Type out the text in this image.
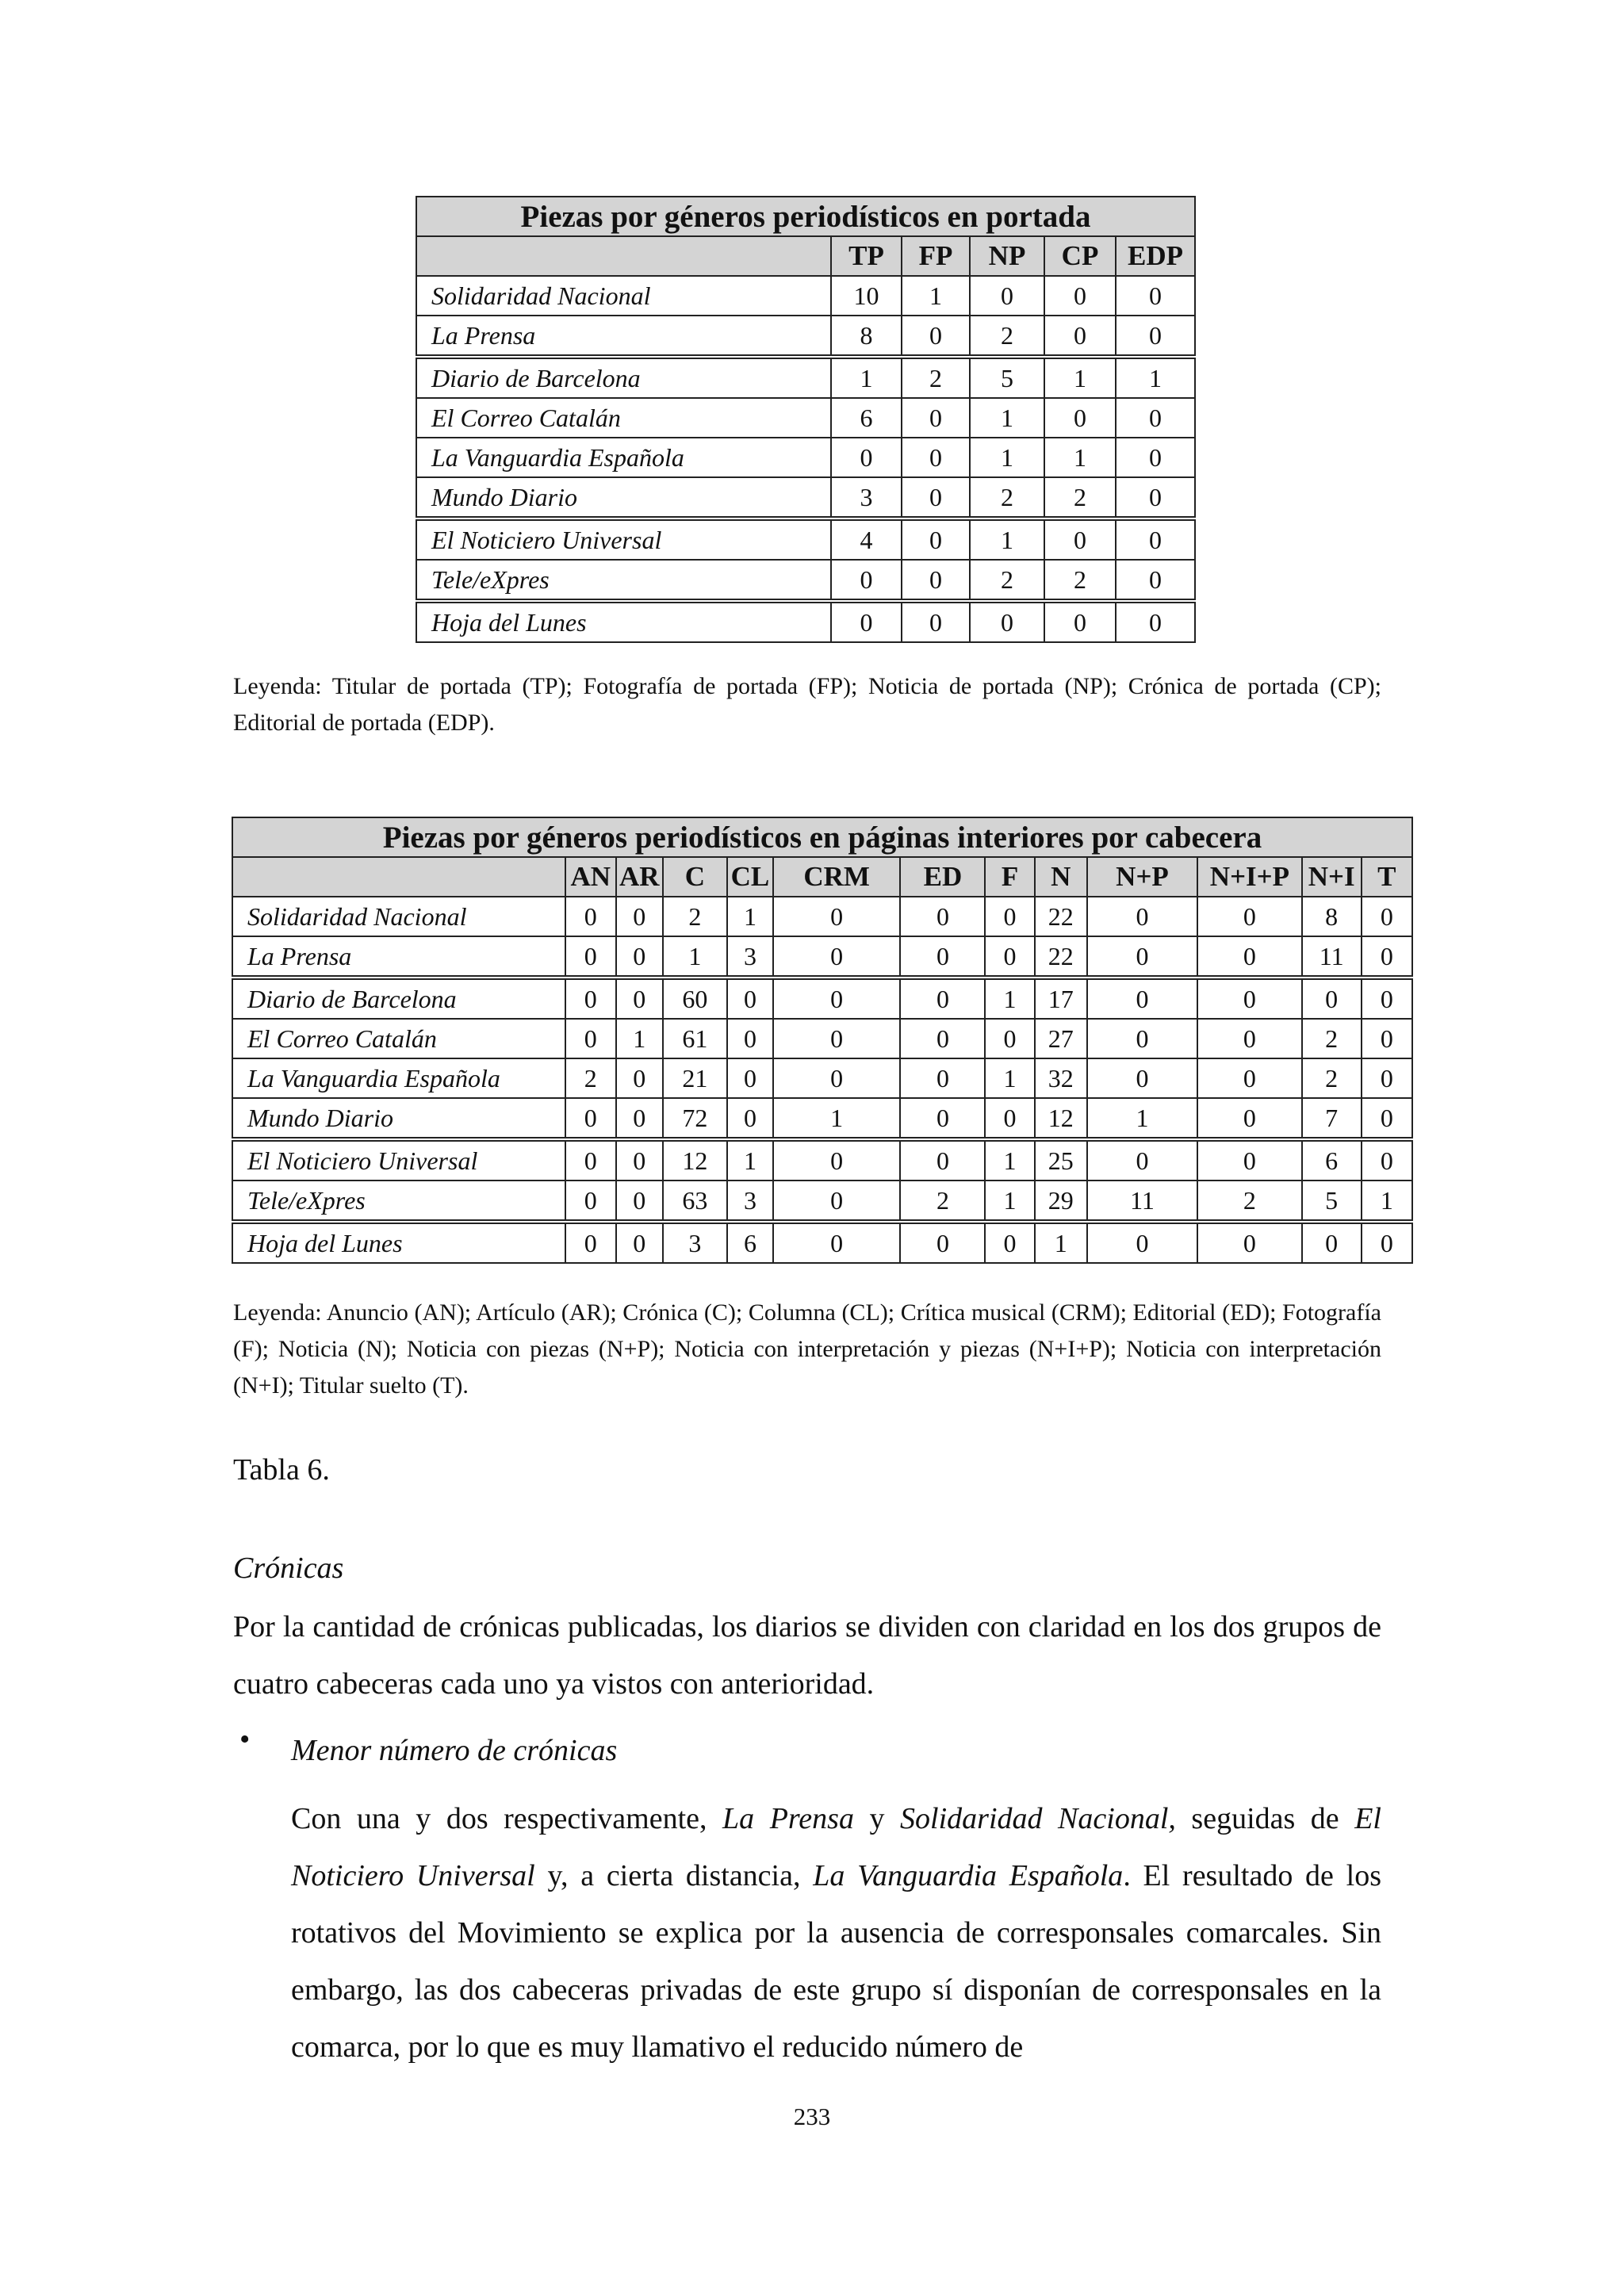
Piezas por géneros periodísticos en portada					
	TP	FP	NP	CP	EDP
Solidaridad Nacional	10	1	0	0	0
La Prensa	8	0	2	0	0
Diario de Barcelona	1	2	5	1	1
El Correo Catalán	6	0	1	0	0
La Vanguardia Española	0	0	1	1	0
Mundo Diario	3	0	2	2	0
El Noticiero Universal	4	0	1	0	0
Tele/eXpres	0	0	2	2	0
Hoja del Lunes	0	0	0	0	0

Leyenda: Titular de portada (TP); Fotografía de portada (FP); Noticia de portada (NP); Crónica de portada (CP); Editorial de portada (EDP).

Piezas por géneros periodísticos en páginas interiores por cabecera												
	AN	AR	C	CL	CRM	ED	F	N	N+P	N+I+P	N+I	T
Solidaridad Nacional	0	0	2	1	0	0	0	22	0	0	8	0
La Prensa	0	0	1	3	0	0	0	22	0	0	11	0
Diario de Barcelona	0	0	60	0	0	0	1	17	0	0	0	0
El Correo Catalán	0	1	61	0	0	0	0	27	0	0	2	0
La Vanguardia Española	2	0	21	0	0	0	1	32	0	0	2	0
Mundo Diario	0	0	72	0	1	0	0	12	1	0	7	0
El Noticiero Universal	0	0	12	1	0	0	1	25	0	0	6	0
Tele/eXpres	0	0	63	3	0	2	1	29	11	2	5	1
Hoja del Lunes	0	0	3	6	0	0	0	1	0	0	0	0

Leyenda: Anuncio (AN); Artículo (AR); Crónica (C); Columna (CL); Crítica musical (CRM); Editorial (ED); Fotografía (F); Noticia (N); Noticia con piezas (N+P); Noticia con interpretación y piezas (N+I+P); Noticia con interpretación (N+I); Titular suelto (T).

Tabla 6.

Crónicas

Por la cantidad de crónicas publicadas, los diarios se dividen con claridad en los dos grupos de cuatro cabeceras cada uno ya vistos con anterioridad.

• Menor número de crónicas

Con una y dos respectivamente, La Prensa y Solidaridad Nacional, seguidas de El Noticiero Universal y, a cierta distancia, La Vanguardia Española. El resultado de los rotativos del Movimiento se explica por la ausencia de corresponsales comarcales. Sin embargo, las dos cabeceras privadas de este grupo sí disponían de corresponsales en la comarca, por lo que es muy llamativo el reducido número de

233
